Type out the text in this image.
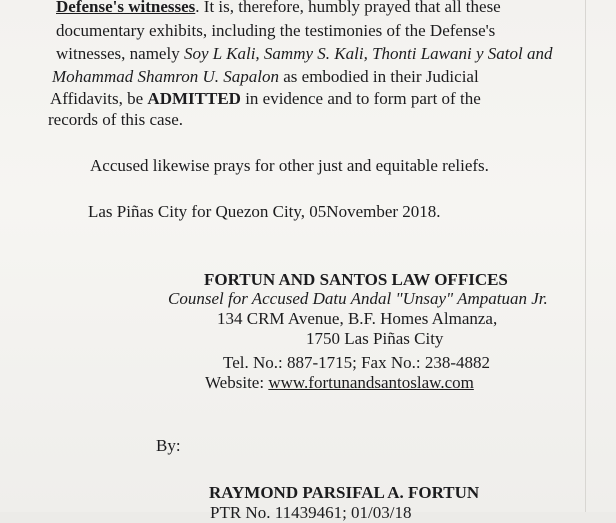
Defense's witnesses. It is, therefore, humbly prayed that all these
documentary exhibits, including the testimonies of the Defense's
witnesses, namely Soy L Kali, Sammy S. Kali, Thonti Lawani y Satol and
Mohammad Shamron U. Sapalon as embodied in their Judicial
Affidavits, be ADMITTED in evidence and to form part of the
records of this case.
Accused likewise prays for other just and equitable reliefs.
Las Piñas City for Quezon City, 05November 2018.
FORTUN AND SANTOS LAW OFFICES
Counsel for Accused Datu Andal "Unsay" Ampatuan Jr.
134 CRM Avenue, B.F. Homes Almanza,
1750 Las Piñas City
Tel. No.: 887-1715; Fax No.: 238-4882
Website: www.fortunandsantoslaw.com
By:
RAYMOND PARSIFAL A. FORTUN
PTR No. 11439461; 01/03/18
